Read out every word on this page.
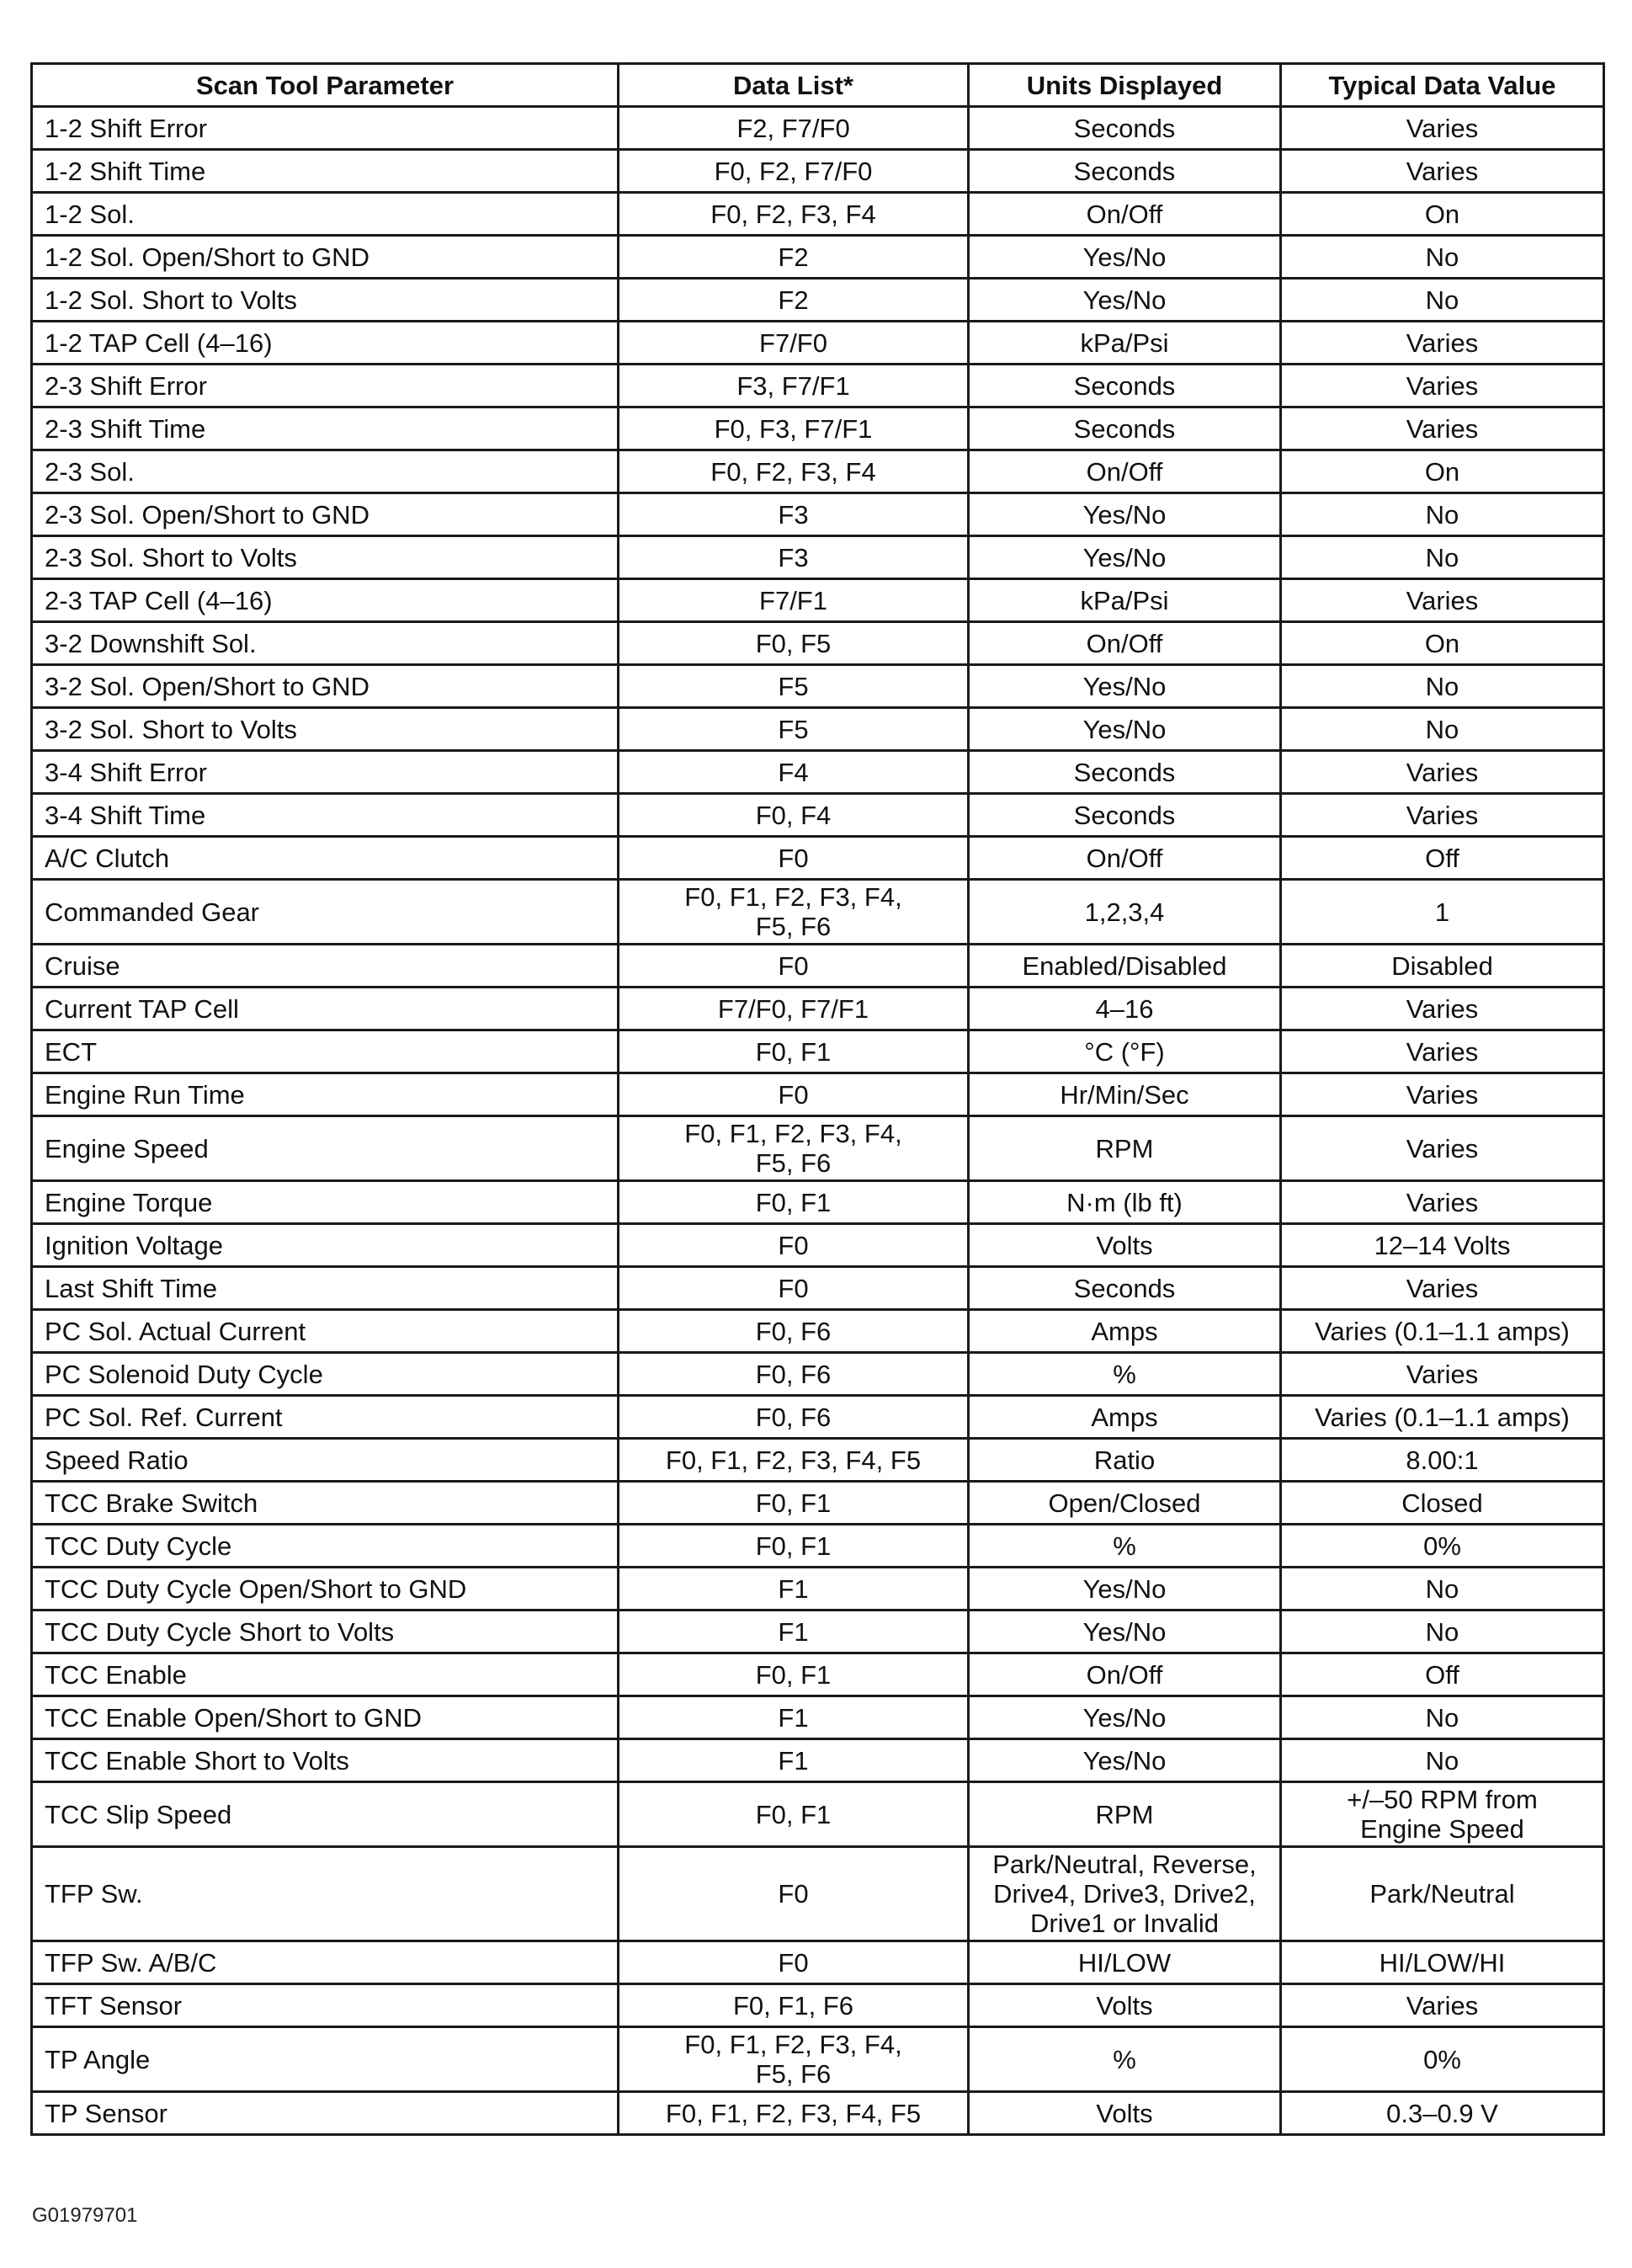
Scan Tool Parameter	Data List*	Units Displayed	Typical Data Value
1-2 Shift Error	F2, F7/F0	Seconds	Varies
1-2 Shift Time	F0, F2, F7/F0	Seconds	Varies
1-2 Sol.	F0, F2, F3, F4	On/Off	On
1-2 Sol. Open/Short to GND	F2	Yes/No	No
1-2 Sol. Short to Volts	F2	Yes/No	No
1-2 TAP Cell (4–16)	F7/F0	kPa/Psi	Varies
2-3 Shift Error	F3, F7/F1	Seconds	Varies
2-3 Shift Time	F0, F3, F7/F1	Seconds	Varies
2-3 Sol.	F0, F2, F3, F4	On/Off	On
2-3 Sol. Open/Short to GND	F3	Yes/No	No
2-3 Sol. Short to Volts	F3	Yes/No	No
2-3 TAP Cell (4–16)	F7/F1	kPa/Psi	Varies
3-2 Downshift Sol.	F0, F5	On/Off	On
3-2 Sol. Open/Short to GND	F5	Yes/No	No
3-2 Sol. Short to Volts	F5	Yes/No	No
3-4 Shift Error	F4	Seconds	Varies
3-4 Shift Time	F0, F4	Seconds	Varies
A/C Clutch	F0	On/Off	Off
Commanded Gear	F0, F1, F2, F3, F4,
F5, F6	1,2,3,4	1
Cruise	F0	Enabled/Disabled	Disabled
Current TAP Cell	F7/F0, F7/F1	4–16	Varies
ECT	F0, F1	°C (°F)	Varies
Engine Run Time	F0	Hr/Min/Sec	Varies
Engine Speed	F0, F1, F2, F3, F4,
F5, F6	RPM	Varies
Engine Torque	F0, F1	N·m (lb ft)	Varies
Ignition Voltage	F0	Volts	12–14 Volts
Last Shift Time	F0	Seconds	Varies
PC Sol. Actual Current	F0, F6	Amps	Varies (0.1–1.1 amps)
PC Solenoid Duty Cycle	F0, F6	%	Varies
PC Sol. Ref. Current	F0, F6	Amps	Varies (0.1–1.1 amps)
Speed Ratio	F0, F1, F2, F3, F4, F5	Ratio	8.00:1
TCC Brake Switch	F0, F1	Open/Closed	Closed
TCC Duty Cycle	F0, F1	%	0%
TCC Duty Cycle Open/Short to GND	F1	Yes/No	No
TCC Duty Cycle Short to Volts	F1	Yes/No	No
TCC Enable	F0, F1	On/Off	Off
TCC Enable Open/Short to GND	F1	Yes/No	No
TCC Enable Short to Volts	F1	Yes/No	No
TCC Slip Speed	F0, F1	RPM	+/–50 RPM from
Engine Speed
TFP Sw.	F0	Park/Neutral, Reverse,
Drive4, Drive3, Drive2,
Drive1 or Invalid	Park/Neutral
TFP Sw. A/B/C	F0	HI/LOW	HI/LOW/HI
TFT Sensor	F0, F1, F6	Volts	Varies
TP Angle	F0, F1, F2, F3, F4,
F5, F6	%	0%
TP Sensor	F0, F1, F2, F3, F4, F5	Volts	0.3–0.9 V
G01979701
